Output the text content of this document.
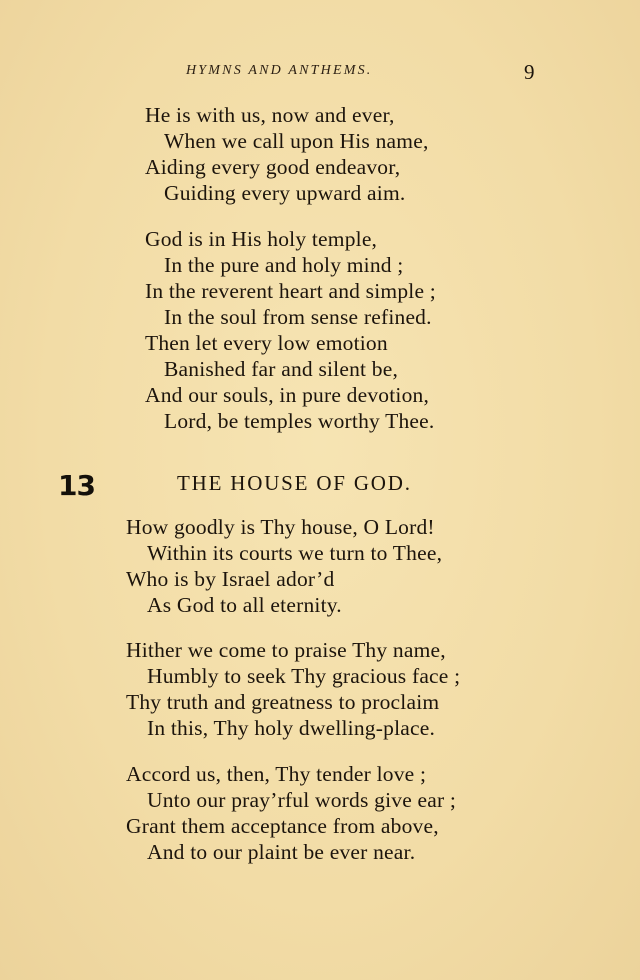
HYMNS AND ANTHEMS.	9
He is with us, now and ever,
When we call upon His name,
Aiding every good endeavor,
Guiding every upward aim.
God is in His holy temple,
In the pure and holy mind ;
In the reverent heart and simple ;
In the soul from sense refined.
Then let every low emotion
Banished far and silent be,
And our souls, in pure devotion,
Lord, be temples worthy Thee.
13	THE HOUSE OF GOD.
How goodly is Thy house, O Lord!
Within its courts we turn to Thee,
Who is by Israel ador’d
As God to all eternity.
Hither we come to praise Thy name,
Humbly to seek Thy gracious face ;
Thy truth and greatness to proclaim
In this, Thy holy dwelling-place.
Accord us, then, Thy tender love ;
Unto our pray’rful words give ear ;
Grant them acceptance from above,
And to our plaint be ever near.
